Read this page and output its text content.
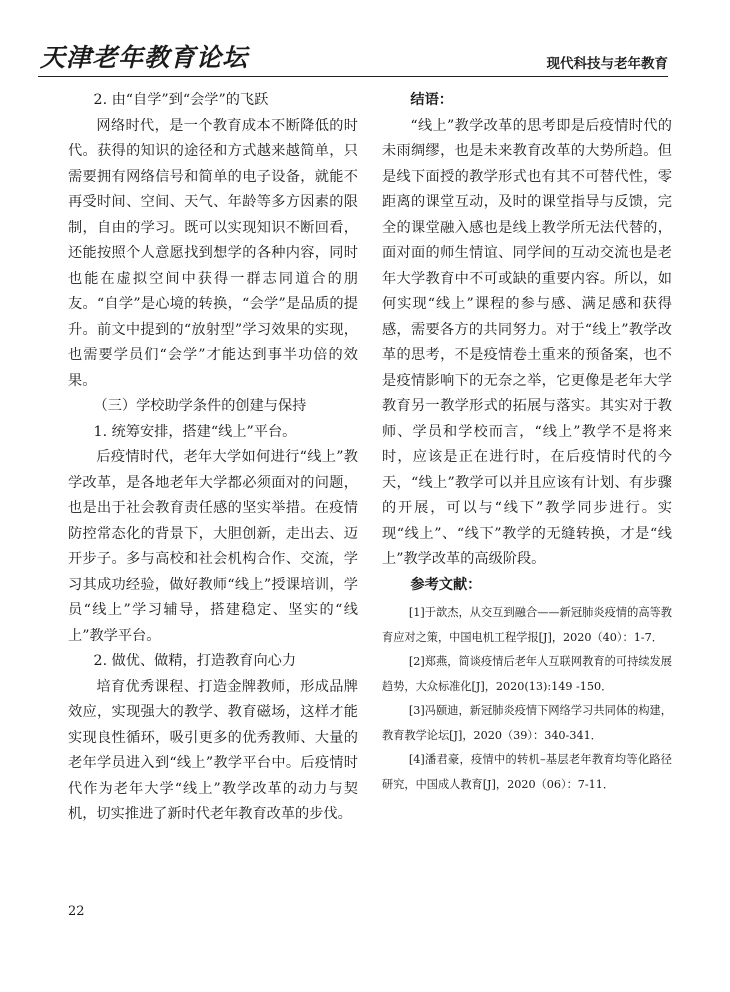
天津老年教育论坛	现代科技与老年教育

2. 由“自学”到“会学”的飞跃

网络时代，是一个教育成本不断降低的时代。获得的知识的途径和方式越来越简单，只需要拥有网络信号和简单的电子设备，就能不再受时间、空间、天气、年龄等多方因素的限制，自由的学习。既可以实现知识不断回看，还能按照个人意愿找到想学的各种内容，同时也能在虚拟空间中获得一群志同道合的朋友。“自学”是心境的转换，“会学”是品质的提升。前文中提到的“放射型”学习效果的实现，也需要学员们“会学”才能达到事半功倍的效果。

（三）学校助学条件的创建与保持

1. 统筹安排，搭建“线上”平台。

后疫情时代，老年大学如何进行“线上”教学改革，是各地老年大学都必须面对的问题，也是出于社会教育责任感的坚实举措。在疫情防控常态化的背景下，大胆创新，走出去、迈开步子。多与高校和社会机构合作、交流，学习其成功经验，做好教师“线上”授课培训，学员“线上”学习辅导，搭建稳定、坚实的“线上”教学平台。

2. 做优、做精，打造教育向心力

培育优秀课程、打造金牌教师，形成品牌效应，实现强大的教学、教育磁场，这样才能实现良性循环，吸引更多的优秀教师、大量的老年学员进入到“线上”教学平台中。后疫情时代作为老年大学“线上”教学改革的动力与契机，切实推进了新时代老年教育改革的步伐。

结语：

“线上”教学改革的思考即是后疫情时代的未雨绸缪，也是未来教育改革的大势所趋。但是线下面授的教学形式也有其不可替代性，零距离的课堂互动，及时的课堂指导与反馈，完全的课堂融入感也是线上教学所无法代替的，面对面的师生情谊、同学间的互动交流也是老年大学教育中不可或缺的重要内容。所以，如何实现“线上”课程的参与感、满足感和获得感，需要各方的共同努力。对于“线上”教学改革的思考，不是疫情卷土重来的预备案，也不是疫情影响下的无奈之举，它更像是老年大学教育另一教学形式的拓展与落实。其实对于教师、学员和学校而言，“线上”教学不是将来时，应该是正在进行时，在后疫情时代的今天，“线上”教学可以并且应该有计划、有步骤的开展，可以与“线下”教学同步进行。实现“线上”、“线下”教学的无缝转换，才是“线上”教学改革的高级阶段。

参考文献：

[1]于歆杰，从交互到融合——新冠肺炎疫情的高等教育应对之策，中国电机工程学报[J]，2020（40）：1-7．

[2]郑燕，简谈疫情后老年人互联网教育的可持续发展趋势，大众标准化[J]，2020(13):149 -150．

[3]冯颐迪，新冠肺炎疫情下网络学习共同体的构建，教育教学论坛[J]，2020（39）：340-341．

[4]潘君豪，疫情中的转机–基层老年教育均等化路径研究，中国成人教育[J]，2020（06）：7-11．

22
